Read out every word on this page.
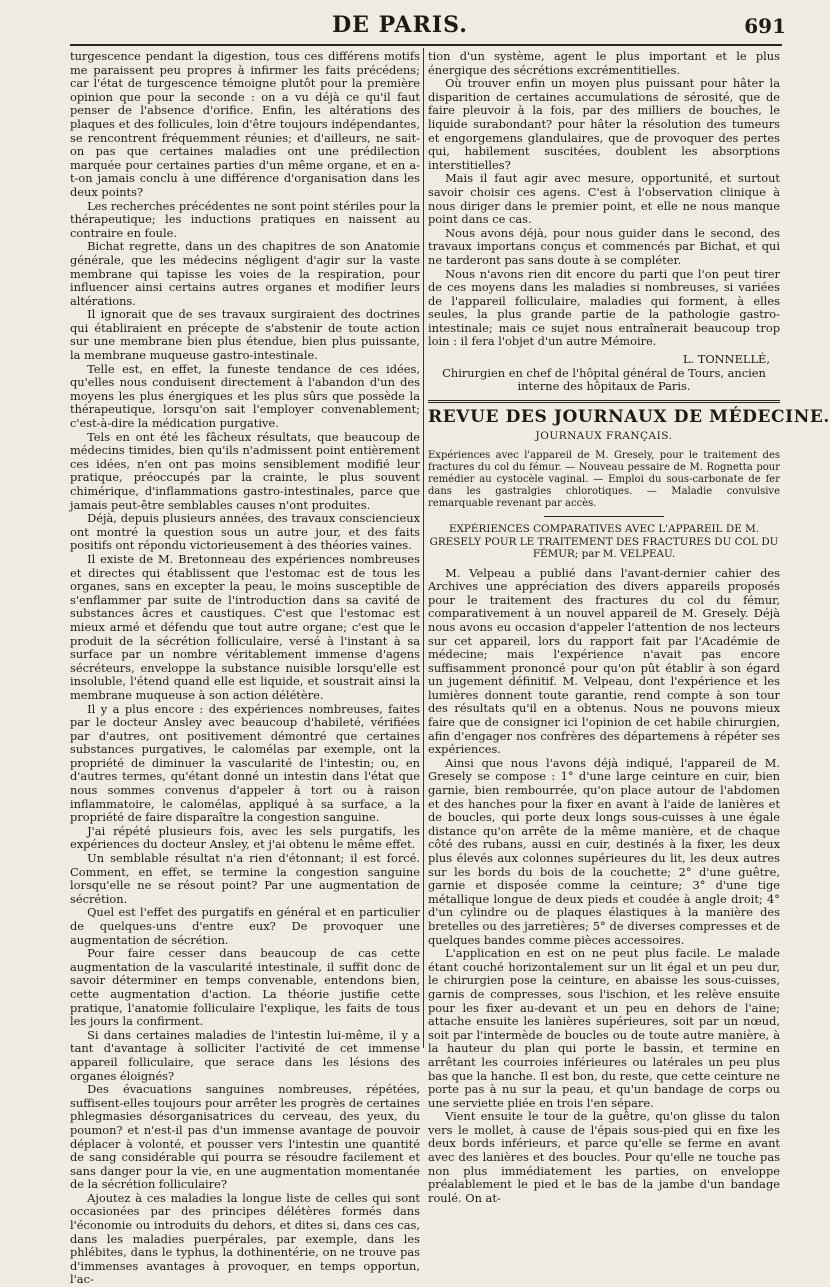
DE PARIS.	691

turgescence pendant la digestion, tous ces différens motifs me paraissent peu propres à infirmer les faits précédens; car l'état de turgescence témoigne plutôt pour la première opinion que pour la seconde : on a vu déjà ce qu'il faut penser de l'absence d'orifice. Enfin, les altérations des plaques et des follicules, loin d'être toujours indépendantes, se rencontrent fréquemment réunies; et d'ailleurs, ne sait-on pas que certaines maladies ont une prédilection marquée pour certaines parties d'un même organe, et en a-t-on jamais conclu à une différence d'organisation dans les deux points?

Les recherches précédentes ne sont point stériles pour la thérapeutique; les inductions pratiques en naissent au contraire en foule.

Bichat regrette, dans un des chapitres de son Anatomie générale, que les médecins négligent d'agir sur la vaste membrane qui tapisse les voies de la respiration, pour influencer ainsi certains autres organes et modifier leurs altérations.

Il ignorait que de ses travaux surgiraient des doctrines qui établiraient en précepte de s'abstenir de toute action sur une membrane bien plus étendue, bien plus puissante, la membrane muqueuse gastro-intestinale.

Telle est, en effet, la funeste tendance de ces idées, qu'elles nous conduisent directement à l'abandon d'un des moyens les plus énergiques et les plus sûrs que possède la thérapeutique, lorsqu'on sait l'employer convenablement; c'est-à-dire la médication purgative.

Tels en ont été les fâcheux résultats, que beaucoup de médecins timides, bien qu'ils n'admissent point entièrement ces idées, n'en ont pas moins sensiblement modifié leur pratique, préoccupés par la crainte, le plus souvent chimérique, d'inflammations gastro-intestinales, parce que jamais peut-être semblables causes n'ont produites.

Déjà, depuis plusieurs années, des travaux consciencieux ont montré la question sous un autre jour, et des faits positifs ont répondu victorieusement à des théories vaines.

Il existe de M. Bretonneau des expériences nombreuses et directes qui établissent que l'estomac est de tous les organes, sans en excepter la peau, le moins susceptible de s'enflammer par suite de l'introduction dans sa cavité de substances âcres et caustiques. C'est que l'estomac est mieux armé et défendu que tout autre organe; c'est que le produit de la sécrétion folliculaire, versé à l'instant à sa surface par un nombre véritablement immense d'agens sécréteurs, enveloppe la substance nuisible lorsqu'elle est insoluble, l'étend quand elle est liquide, et soustrait ainsi la membrane muqueuse à son action délétère.

Il y a plus encore : des expériences nombreuses, faites par le docteur Ansley avec beaucoup d'habileté, vérifiées par d'autres, ont positivement démontré que certaines substances purgatives, le calomélas par exemple, ont la propriété de diminuer la vascularité de l'intestin; ou, en d'autres termes, qu'étant donné un intestin dans l'état que nous sommes convenus d'appeler à tort ou à raison inflammatoire, le calomélas, appliqué à sa surface, a la propriété de faire disparaître la congestion sanguine.

J'ai répété plusieurs fois, avec les sels purgatifs, les expériences du docteur Ansley, et j'ai obtenu le même effet.

Un semblable résultat n'a rien d'étonnant; il est forcé. Comment, en effet, se termine la congestion sanguine lorsqu'elle ne se résout point? Par une augmentation de sécrétion.

Quel est l'effet des purgatifs en général et en particulier de quelques-uns d'entre eux? De provoquer une augmentation de sécrétion.

Pour faire cesser dans beaucoup de cas cette augmentation de la vascularité intestinale, il suffit donc de savoir déterminer en temps convenable, entendons bien, cette augmentation d'action. La théorie justifie cette pratique, l'anatomie folliculaire l'explique, les faits de tous les jours la confirment.

Si dans certaines maladies de l'intestin lui-même, il y a tant d'avantage à solliciter l'activité de cet immense appareil folliculaire, que serace dans les lésions des organes éloignés?

Des évacuations sanguines nombreuses, répétées, suffisent-elles toujours pour arrêter les progrès de certaines phlegmasies désorganisatrices du cerveau, des yeux, du poumon? et n'est-il pas d'un immense avantage de pouvoir déplacer à volonté, et pousser vers l'intestin une quantité de sang considérable qui pourra se résoudre facilement et sans danger pour la vie, en une augmentation momentanée de la sécrétion folliculaire?

Ajoutez à ces maladies la longue liste de celles qui sont occasionées par des principes délétères formés dans l'économie ou introduits du dehors, et dites si, dans ces cas, dans les maladies puerpérales, par exemple, dans les phlébites, dans le typhus, la dothinentérie, on ne trouve pas d'immenses avantages à provoquer, en temps opportun, l'ac-

tion d'un système, agent le plus important et le plus énergique des sécrétions excrémentitielles.

Où trouver enfin un moyen plus puissant pour hâter la disparition de certaines accumulations de sérosité, que de faire pleuvoir à la fois, par des milliers de bouches, le liquide surabondant? pour hâter la résolution des tumeurs et engorgemens glandulaires, que de provoquer des pertes qui, habilement suscitées, doublent les absorptions interstitielles?

Mais il faut agir avec mesure, opportunité, et surtout savoir choisir ces agens. C'est à l'observation clinique à nous diriger dans le premier point, et elle ne nous manque point dans ce cas.

Nous avons déjà, pour nous guider dans le second, des travaux importans conçus et commencés par Bichat, et qui ne tarderont pas sans doute à se compléter.

Nous n'avons rien dit encore du parti que l'on peut tirer de ces moyens dans les maladies si nombreuses, si variées de l'appareil folliculaire, maladies qui forment, à elles seules, la plus grande partie de la pathologie gastro-intestinale; mais ce sujet nous entraînerait beaucoup trop loin : il fera l'objet d'un autre Mémoire.

L. TONNELLÉ,
Chirurgien en chef de l'hôpital général de Tours, ancien
interne des hôpitaux de Paris.
REVUE DES JOURNAUX DE MÉDECINE.
JOURNAUX FRANÇAIS.
Expériences avec l'appareil de M. Gresely, pour le traitement des fractures du col du fémur. — Nouveau pessaire de M. Rognetta pour remédier au cystocèle vaginal. — Emploi du sous-carbonate de fer dans les gastralgies chlorotiques. — Maladie convulsive remarquable revenant par accès.
EXPÉRIENCES COMPARATIVES AVEC L'APPAREIL DE M. GRESELY POUR LE TRAITEMENT DES FRACTURES DU COL DU FÉMUR; par M. VELPEAU.

M. Velpeau a publié dans l'avant-dernier cahier des Archives une appréciation des divers appareils proposés pour le traitement des fractures du col du fémur, comparativement à un nouvel appareil de M. Gresely. Déjà nous avons eu occasion d'appeler l'attention de nos lecteurs sur cet appareil, lors du rapport fait par l'Académie de médecine; mais l'expérience n'avait pas encore suffisamment prononcé pour qu'on pût établir à son égard un jugement définitif. M. Velpeau, dont l'expérience et les lumières donnent toute garantie, rend compte à son tour des résultats qu'il en a obtenus. Nous ne pouvons mieux faire que de consigner ici l'opinion de cet habile chirurgien, afin d'engager nos confrères des départemens à répéter ses expériences.

Ainsi que nous l'avons déjà indiqué, l'appareil de M. Gresely se compose : 1° d'une large ceinture en cuir, bien garnie, bien rembourrée, qu'on place autour de l'abdomen et des hanches pour la fixer en avant à l'aide de lanières et de boucles, qui porte deux longs sous-cuisses à une égale distance qu'on arrête de la même manière, et de chaque côté des rubans, aussi en cuir, destinés à la fixer, les deux plus élevés aux colonnes supérieures du lit, les deux autres sur les bords du bois de la couchette; 2° d'une guêtre, garnie et disposée comme la ceinture; 3° d'une tige métallique longue de deux pieds et coudée à angle droit; 4° d'un cylindre ou de plaques élastiques à la manière des bretelles ou des jarretières; 5° de diverses compresses et de quelques bandes comme pièces accessoires.

L'application en est on ne peut plus facile. Le malade étant couché horizontalement sur un lit égal et un peu dur, le chirurgien pose la ceinture, en abaisse les sous-cuisses, garnis de compresses, sous l'ischion, et les relève ensuite pour les fixer au-devant et un peu en dehors de l'aine; attache ensuite les lanières supérieures, soit par un nœud, soit par l'intermède de boucles ou de toute autre manière, à la hauteur du plan qui porte le bassin, et termine en arrêtant les courroies inférieures ou latérales un peu plus bas que la hanche. Il est bon, du reste, que cette ceinture ne porte pas à nu sur la peau, et qu'un bandage de corps ou une serviette pliée en trois l'en sépare.

Vient ensuite le tour de la guêtre, qu'on glisse du talon vers le mollet, à cause de l'épais sous-pied qui en fixe les deux bords inférieurs, et parce qu'elle se ferme en avant avec des lanières et des boucles. Pour qu'elle ne touche pas non plus immédiatement les parties, on enveloppe préalablement le pied et le bas de la jambe d'un bandage roulé. On at-
